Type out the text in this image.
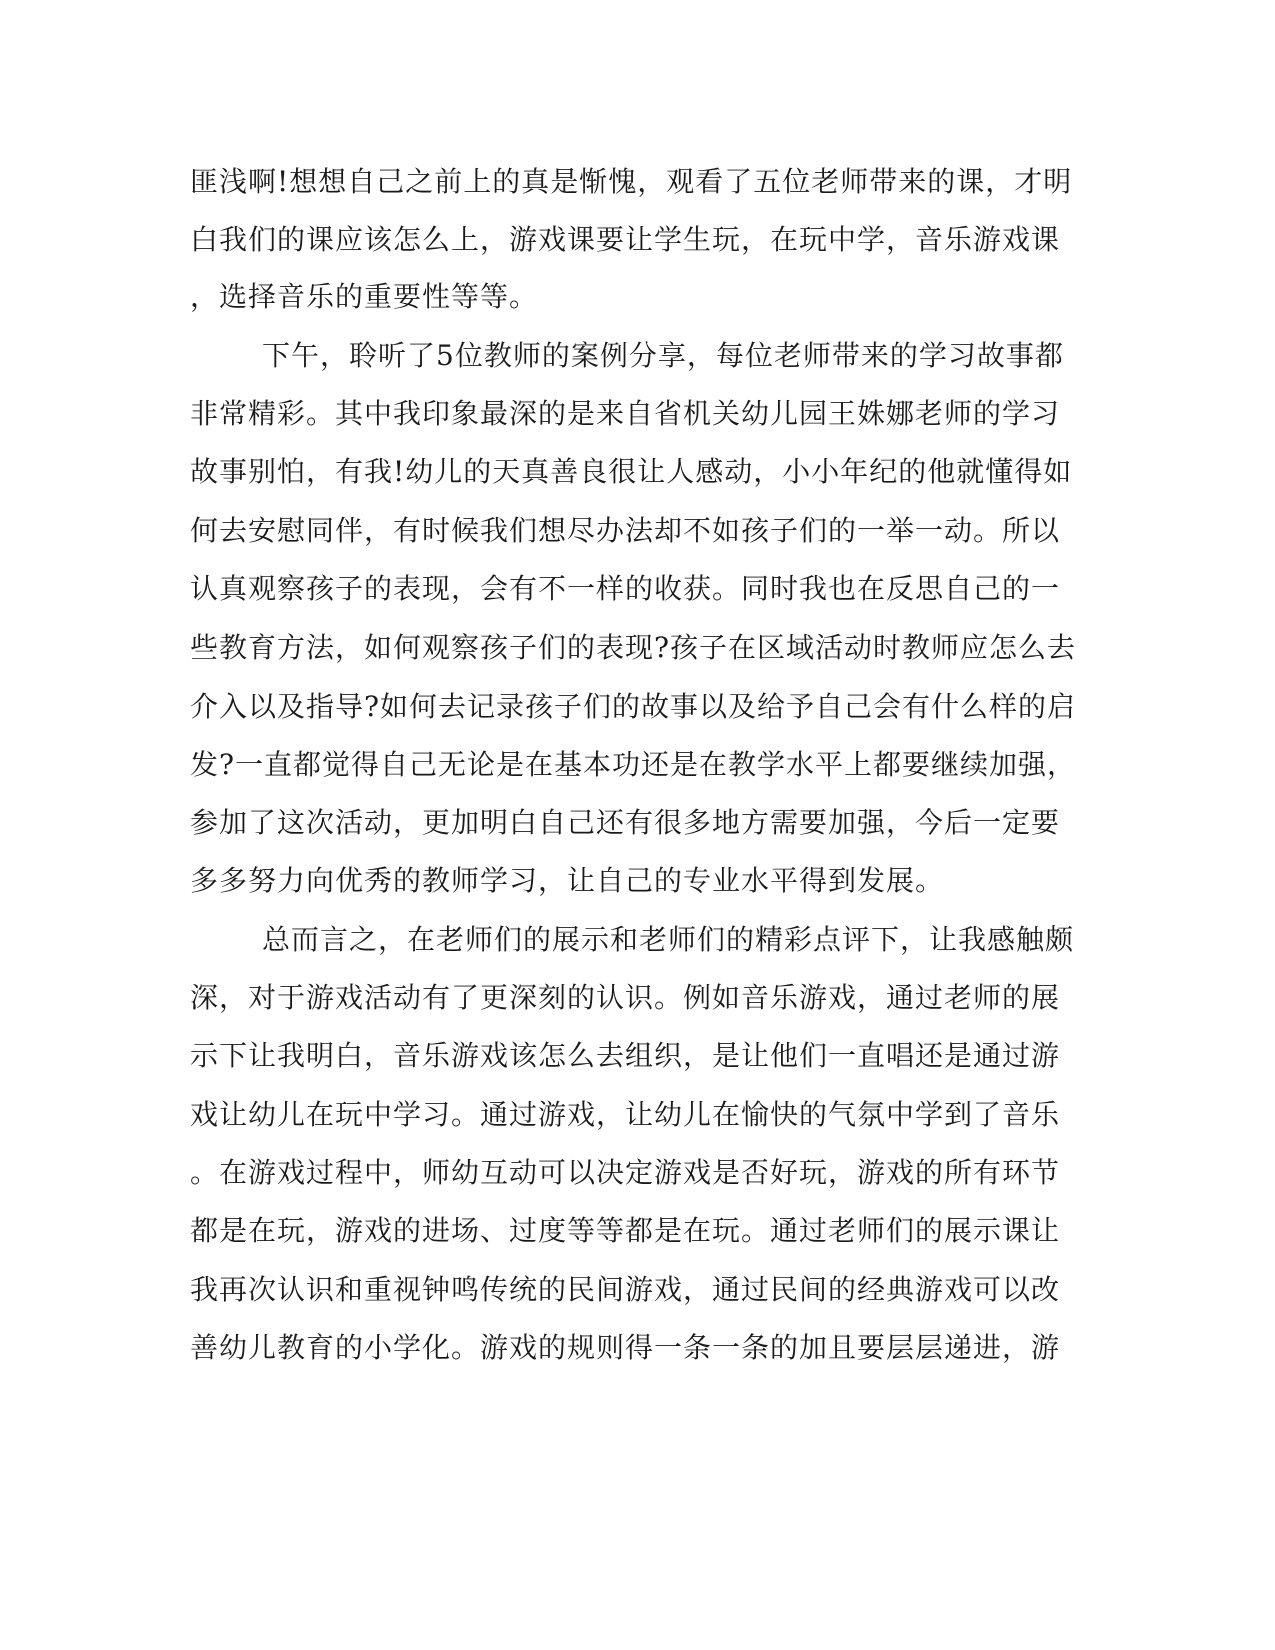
匪浅啊!想想自己之前上的真是惭愧，观看了五位老师带来的课，才明
白我们的课应该怎么上，游戏课要让学生玩，在玩中学，音乐游戏课
，选择音乐的重要性等等。
下午，聆听了5位教师的案例分享，每位老师带来的学习故事都
非常精彩。其中我印象最深的是来自省机关幼儿园王姝娜老师的学习
故事别怕，有我!幼儿的天真善良很让人感动，小小年纪的他就懂得如
何去安慰同伴，有时候我们想尽办法却不如孩子们的一举一动。所以
认真观察孩子的表现，会有不一样的收获。同时我也在反思自己的一
些教育方法，如何观察孩子们的表现?孩子在区域活动时教师应怎么去
介入以及指导?如何去记录孩子们的故事以及给予自己会有什么样的启
发?一直都觉得自己无论是在基本功还是在教学水平上都要继续加强，
参加了这次活动，更加明白自己还有很多地方需要加强，今后一定要
多多努力向优秀的教师学习，让自己的专业水平得到发展。
总而言之，在老师们的展示和老师们的精彩点评下，让我感触颇
深，对于游戏活动有了更深刻的认识。例如音乐游戏，通过老师的展
示下让我明白，音乐游戏该怎么去组织，是让他们一直唱还是通过游
戏让幼儿在玩中学习。通过游戏，让幼儿在愉快的气氛中学到了音乐
。在游戏过程中，师幼互动可以决定游戏是否好玩，游戏的所有环节
都是在玩，游戏的进场、过度等等都是在玩。通过老师们的展示课让
我再次认识和重视钟鸣传统的民间游戏，通过民间的经典游戏可以改
善幼儿教育的小学化。游戏的规则得一条一条的加且要层层递进，游
